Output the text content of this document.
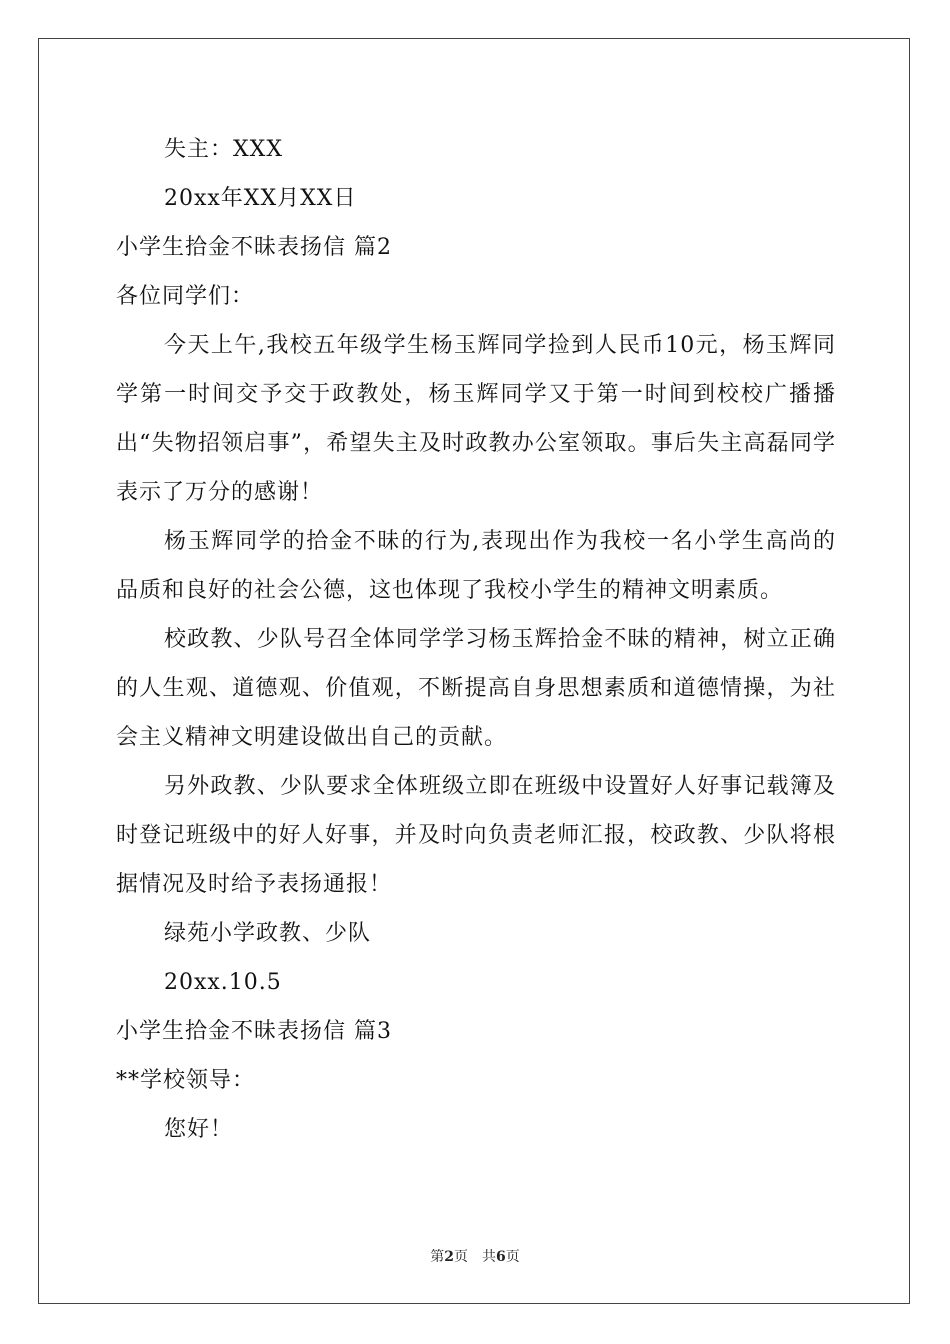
失主：XXX
20xx年XX月XX日
小学生拾金不昧表扬信 篇2
各位同学们：
今天上午,我校五年级学生杨玉辉同学捡到人民币10元，杨玉辉同学第一时间交予交于政教处，杨玉辉同学又于第一时间到校校广播播出“失物招领启事”，希望失主及时政教办公室领取。事后失主高磊同学表示了万分的感谢！
杨玉辉同学的拾金不昧的行为,表现出作为我校一名小学生高尚的品质和良好的社会公德，这也体现了我校小学生的精神文明素质。
校政教、少队号召全体同学学习杨玉辉拾金不昧的精神，树立正确的人生观、道德观、价值观，不断提高自身思想素质和道德情操，为社会主义精神文明建设做出自己的贡献。
另外政教、少队要求全体班级立即在班级中设置好人好事记载簿及时登记班级中的好人好事，并及时向负责老师汇报，校政教、少队将根据情况及时给予表扬通报！
绿苑小学政教、少队
20xx.10.5
小学生拾金不昧表扬信 篇3
**学校领导：
您好！
第2页　共6页
